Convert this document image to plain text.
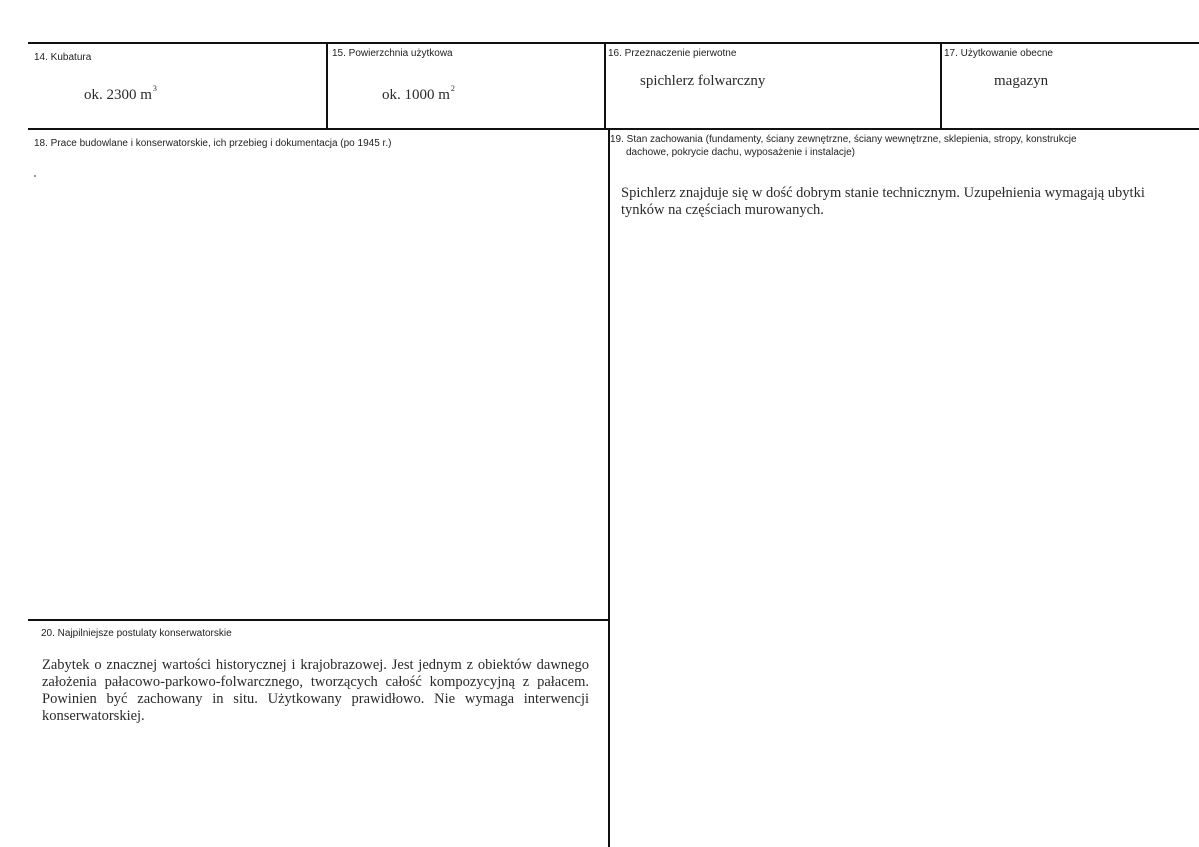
14. Kubatura
ok. 2300 $m^3$
15. Powierzchnia użytkowa
ok. 1000 $m^2$
16. Przeznaczenie pierwotne
spichlerz folwarczny
17. Użytkowanie obecne
magazyn
18. Prace budowlane i konserwatorskie, ich przebieg i dokumentacja (po 1945 r.)	19. Stan zachowania (fundamenty, ściany zewnętrzne, ściany wewnętrzne, sklepienia, stropy, konstrukcje
dachowe, pokrycie dachu, wyposażenie i instalacje)
Spichlerz znajduje się w dość dobrym stanie technicznym. Uzupełnienia wymagają ubytki tynków na częściach murowanych.
20. Najpilniejsze postulaty konserwatorskie
Zabytek o znacznej wartości historycznej i krajobrazowej. Jest jednym z obiektów dawnego założenia pałacowo-parkowo-folwarcznego, tworzących całość kompozycyjną z pałacem. Powinien być zachowany in situ. Użytkowany prawidłowo. Nie wymaga interwencji konserwatorskiej.
